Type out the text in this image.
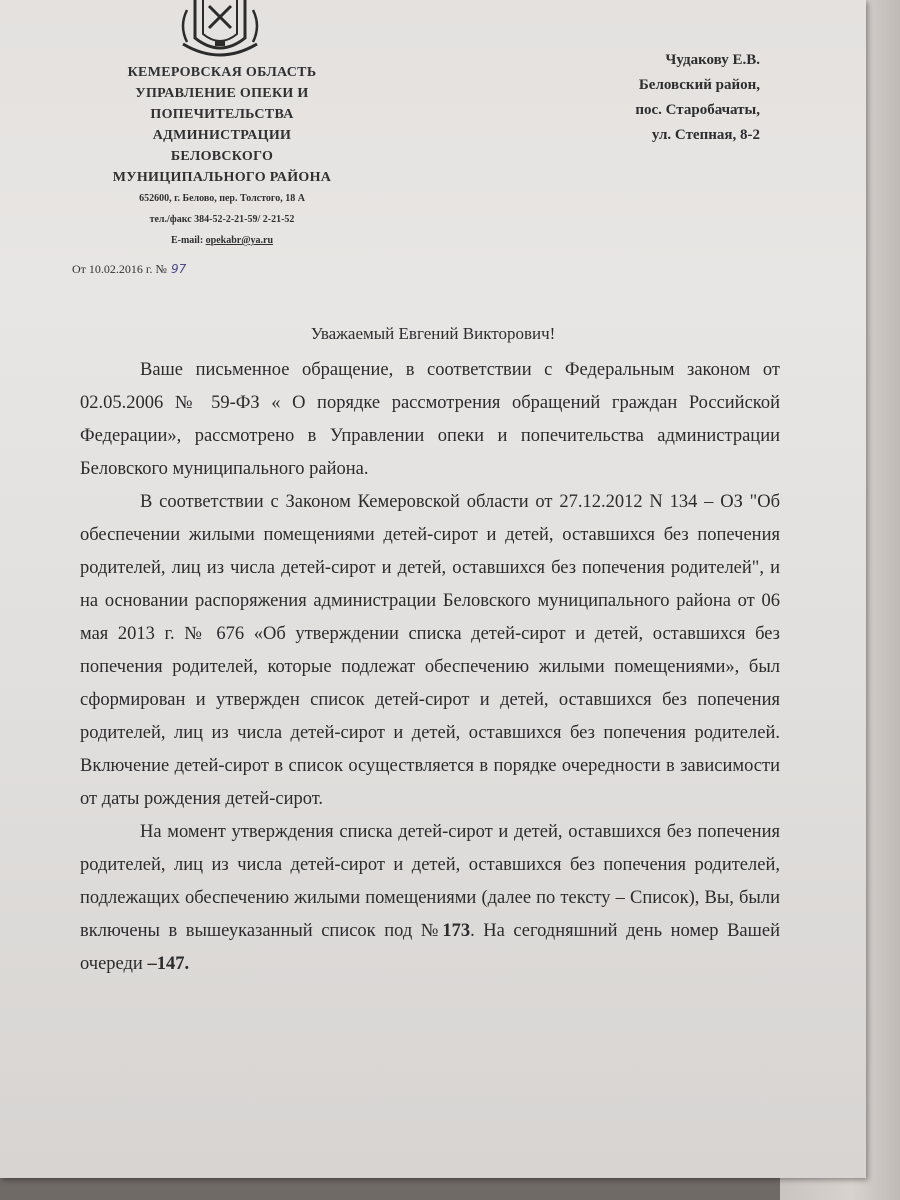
КЕМЕРОВСКАЯ ОБЛАСТЬ
УПРАВЛЕНИЕ ОПЕКИ И
ПОПЕЧИТЕЛЬСТВА
АДМИНИСТРАЦИИ
БЕЛОВСКОГО
МУНИЦИПАЛЬНОГО РАЙОНА
652600, г. Белово, пер. Толстого, 18 А
тел./факс 384-52-2-21-59/ 2-21-52
E-mail: opekabr@ya.ru
От 10.02.2016 г. № 97
Чудакову Е.В.
Беловский район,
пос. Старобачаты,
ул. Степная, 8-2
Уважаемый Евгений Викторович!

Ваше письменное обращение, в соответствии с Федеральным законом от 02.05.2006 № 59-ФЗ « О порядке рассмотрения обращений граждан Российской Федерации», рассмотрено в Управлении опеки и попечительства администрации Беловского муниципального района.

В соответствии с Законом Кемеровской области от 27.12.2012 N 134 – ОЗ "Об обеспечении жилыми помещениями детей-сирот и детей, оставшихся без попечения родителей, лиц из числа детей-сирот и детей, оставшихся без попечения родителей", и на основании распоряжения администрации Беловского муниципального района от 06 мая 2013 г. № 676 «Об утверждении списка детей-сирот и детей, оставшихся без попечения родителей, которые подлежат обеспечению жилыми помещениями», был сформирован и утвержден список детей-сирот и детей, оставшихся без попечения родителей, лиц из числа детей-сирот и детей, оставшихся без попечения родителей. Включение детей-сирот в список осуществляется в порядке очередности в зависимости от даты рождения детей-сирот.

На момент утверждения списка детей-сирот и детей, оставшихся без попечения родителей, лиц из числа детей-сирот и детей, оставшихся без попечения родителей, подлежащих обеспечению жилыми помещениями (далее по тексту – Список), Вы, были включены в вышеуказанный список под №173. На сегодняшний день номер Вашей очереди –147.
